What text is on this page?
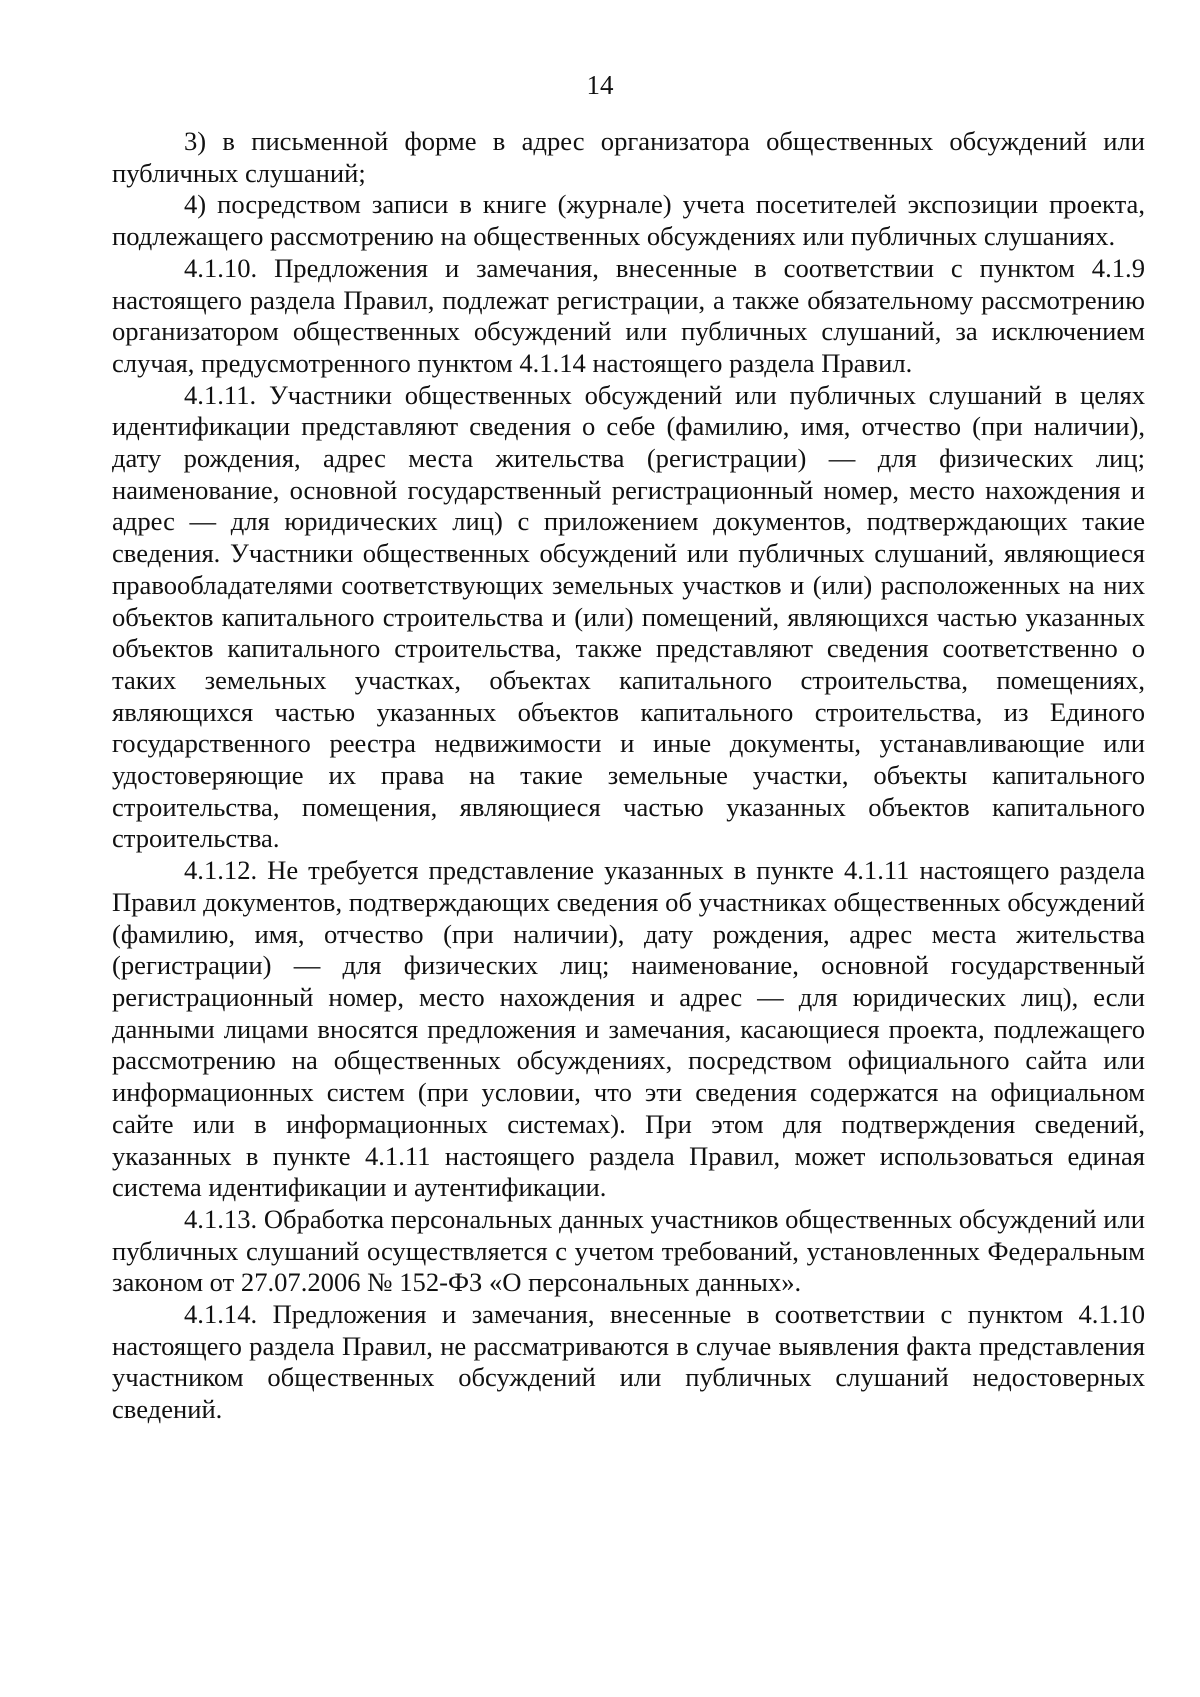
14

3) в письменной форме в адрес организатора общественных обсуждений или публичных слушаний;

4) посредством записи в книге (журнале) учета посетителей экспозиции проекта, подлежащего рассмотрению на общественных обсуждениях или публичных слушаниях.

4.1.10. Предложения и замечания, внесенные в соответствии с пунктом 4.1.9 настоящего раздела Правил, подлежат регистрации, а также обязательному рассмотрению организатором общественных обсуждений или публичных слушаний, за исключением случая, предусмотренного пунктом 4.1.14 настоящего раздела Правил.

4.1.11. Участники общественных обсуждений или публичных слушаний в целях идентификации представляют сведения о себе (фамилию, имя, отчество (при наличии), дату рождения, адрес места жительства (регистрации) — для физических лиц; наименование, основной государственный регистрационный номер, место нахождения и адрес — для юридических лиц) с приложением документов, подтверждающих такие сведения. Участники общественных обсуждений или публичных слушаний, являющиеся правообладателями соответствующих земельных участков и (или) расположенных на них объектов капитального строительства и (или) помещений, являющихся частью указанных объектов капитального строительства, также представляют сведения соответственно о таких земельных участках, объектах капитального строительства, помещениях, являющихся частью указанных объектов капитального строительства, из Единого государственного реестра недвижимости и иные документы, устанавливающие или удостоверяющие их права на такие земельные участки, объекты капитального строительства, помещения, являющиеся частью указанных объектов капитального строительства.

4.1.12. Не требуется представление указанных в пункте 4.1.11 настоящего раздела Правил документов, подтверждающих сведения об участниках общественных обсуждений (фамилию, имя, отчество (при наличии), дату рождения, адрес места жительства (регистрации) — для физических лиц; наименование, основной государственный регистрационный номер, место нахождения и адрес — для юридических лиц), если данными лицами вносятся предложения и замечания, касающиеся проекта, подлежащего рассмотрению на общественных обсуждениях, посредством официального сайта или информационных систем (при условии, что эти сведения содержатся на официальном сайте или в информационных системах). При этом для подтверждения сведений, указанных в пункте 4.1.11 настоящего раздела Правил, может использоваться единая система идентификации и аутентификации.

4.1.13. Обработка персональных данных участников общественных обсуждений или публичных слушаний осуществляется с учетом требований, установленных Федеральным законом от 27.07.2006 № 152-ФЗ «О персональных данных».

4.1.14. Предложения и замечания, внесенные в соответствии с пунктом 4.1.10 настоящего раздела Правил, не рассматриваются в случае выявления факта представления участником общественных обсуждений или публичных слушаний недостоверных сведений.
